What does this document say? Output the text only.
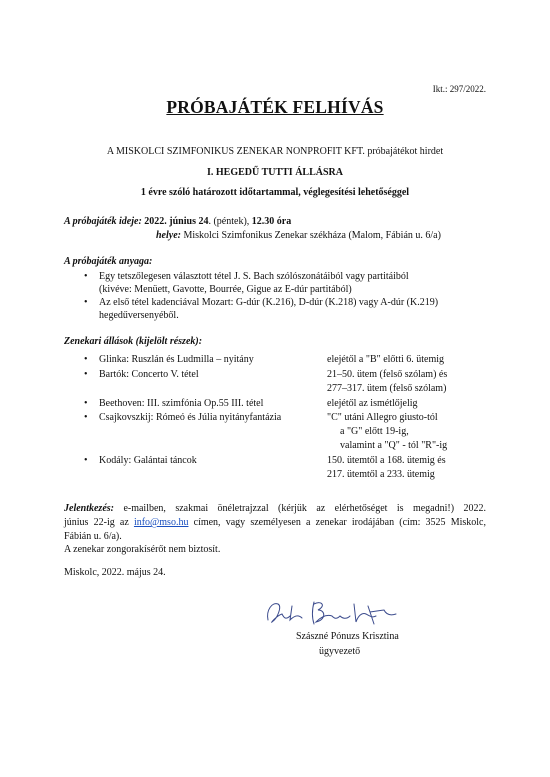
Ikt.: 297/2022.
PRÓBAJÁTÉK FELHÍVÁS
A MISKOLCI SZIMFONIKUS ZENEKAR NONPROFIT KFT. próbajátékot hirdet
I. HEGEDŰ TUTTI ÁLLÁSRA
1 évre szóló határozott időtartammal, véglegesítési lehetőséggel
A próbajáték ideje: 2022. június 24. (péntek), 12.30 óra
helye: Miskolci Szimfonikus Zenekar székháza (Malom, Fábián u. 6/a)
A próbajáték anyaga:
• Egy tetszőlegesen választott tétel J. S. Bach szólószonátáiból vagy partitáiból
(kivéve: Menüett, Gavotte, Bourrée, Gigue az E-dúr partitából)
• Az első tétel kadenciával Mozart: G-dúr (K.216), D-dúr (K.218) vagy A-dúr (K.219)
hegedűversenyéből.
Zenekari állások (kijelölt részek):
• Glinka: Ruszlán és Ludmilla – nyitány	elejétől a "B" előtti 6. ütemig
• Bartók: Concerto V. tétel	21–50. ütem (felső szólam) és
277–317. ütem (felső szólam)
• Beethoven: III. szimfónia Op.55 III. tétel	elejétől az ismétlőjelig
• Csajkovszkij: Rómeó és Júlia nyitányfantázia	"C" utáni Allegro giusto-tól
a "G" előtt 19-ig,
valamint a "Q" - tól "R"-ig
• Kodály: Galántai táncok	150. ütemtől a 168. ütemig és
217. ütemtől a 233. ütemig
Jelentkezés: e-mailben, szakmai önéletrajzzal (kérjük az elérhetőséget is megadni!) 2022.
június 22-ig az info@mso.hu címen, vagy személyesen a zenekar irodájában (cím: 3525 Miskolc,
Fábián u. 6/a).
A zenekar zongorakísérőt nem biztosít.
Miskolc, 2022. május 24.
Szászné Pónuzs Krisztina
ügyvezető
